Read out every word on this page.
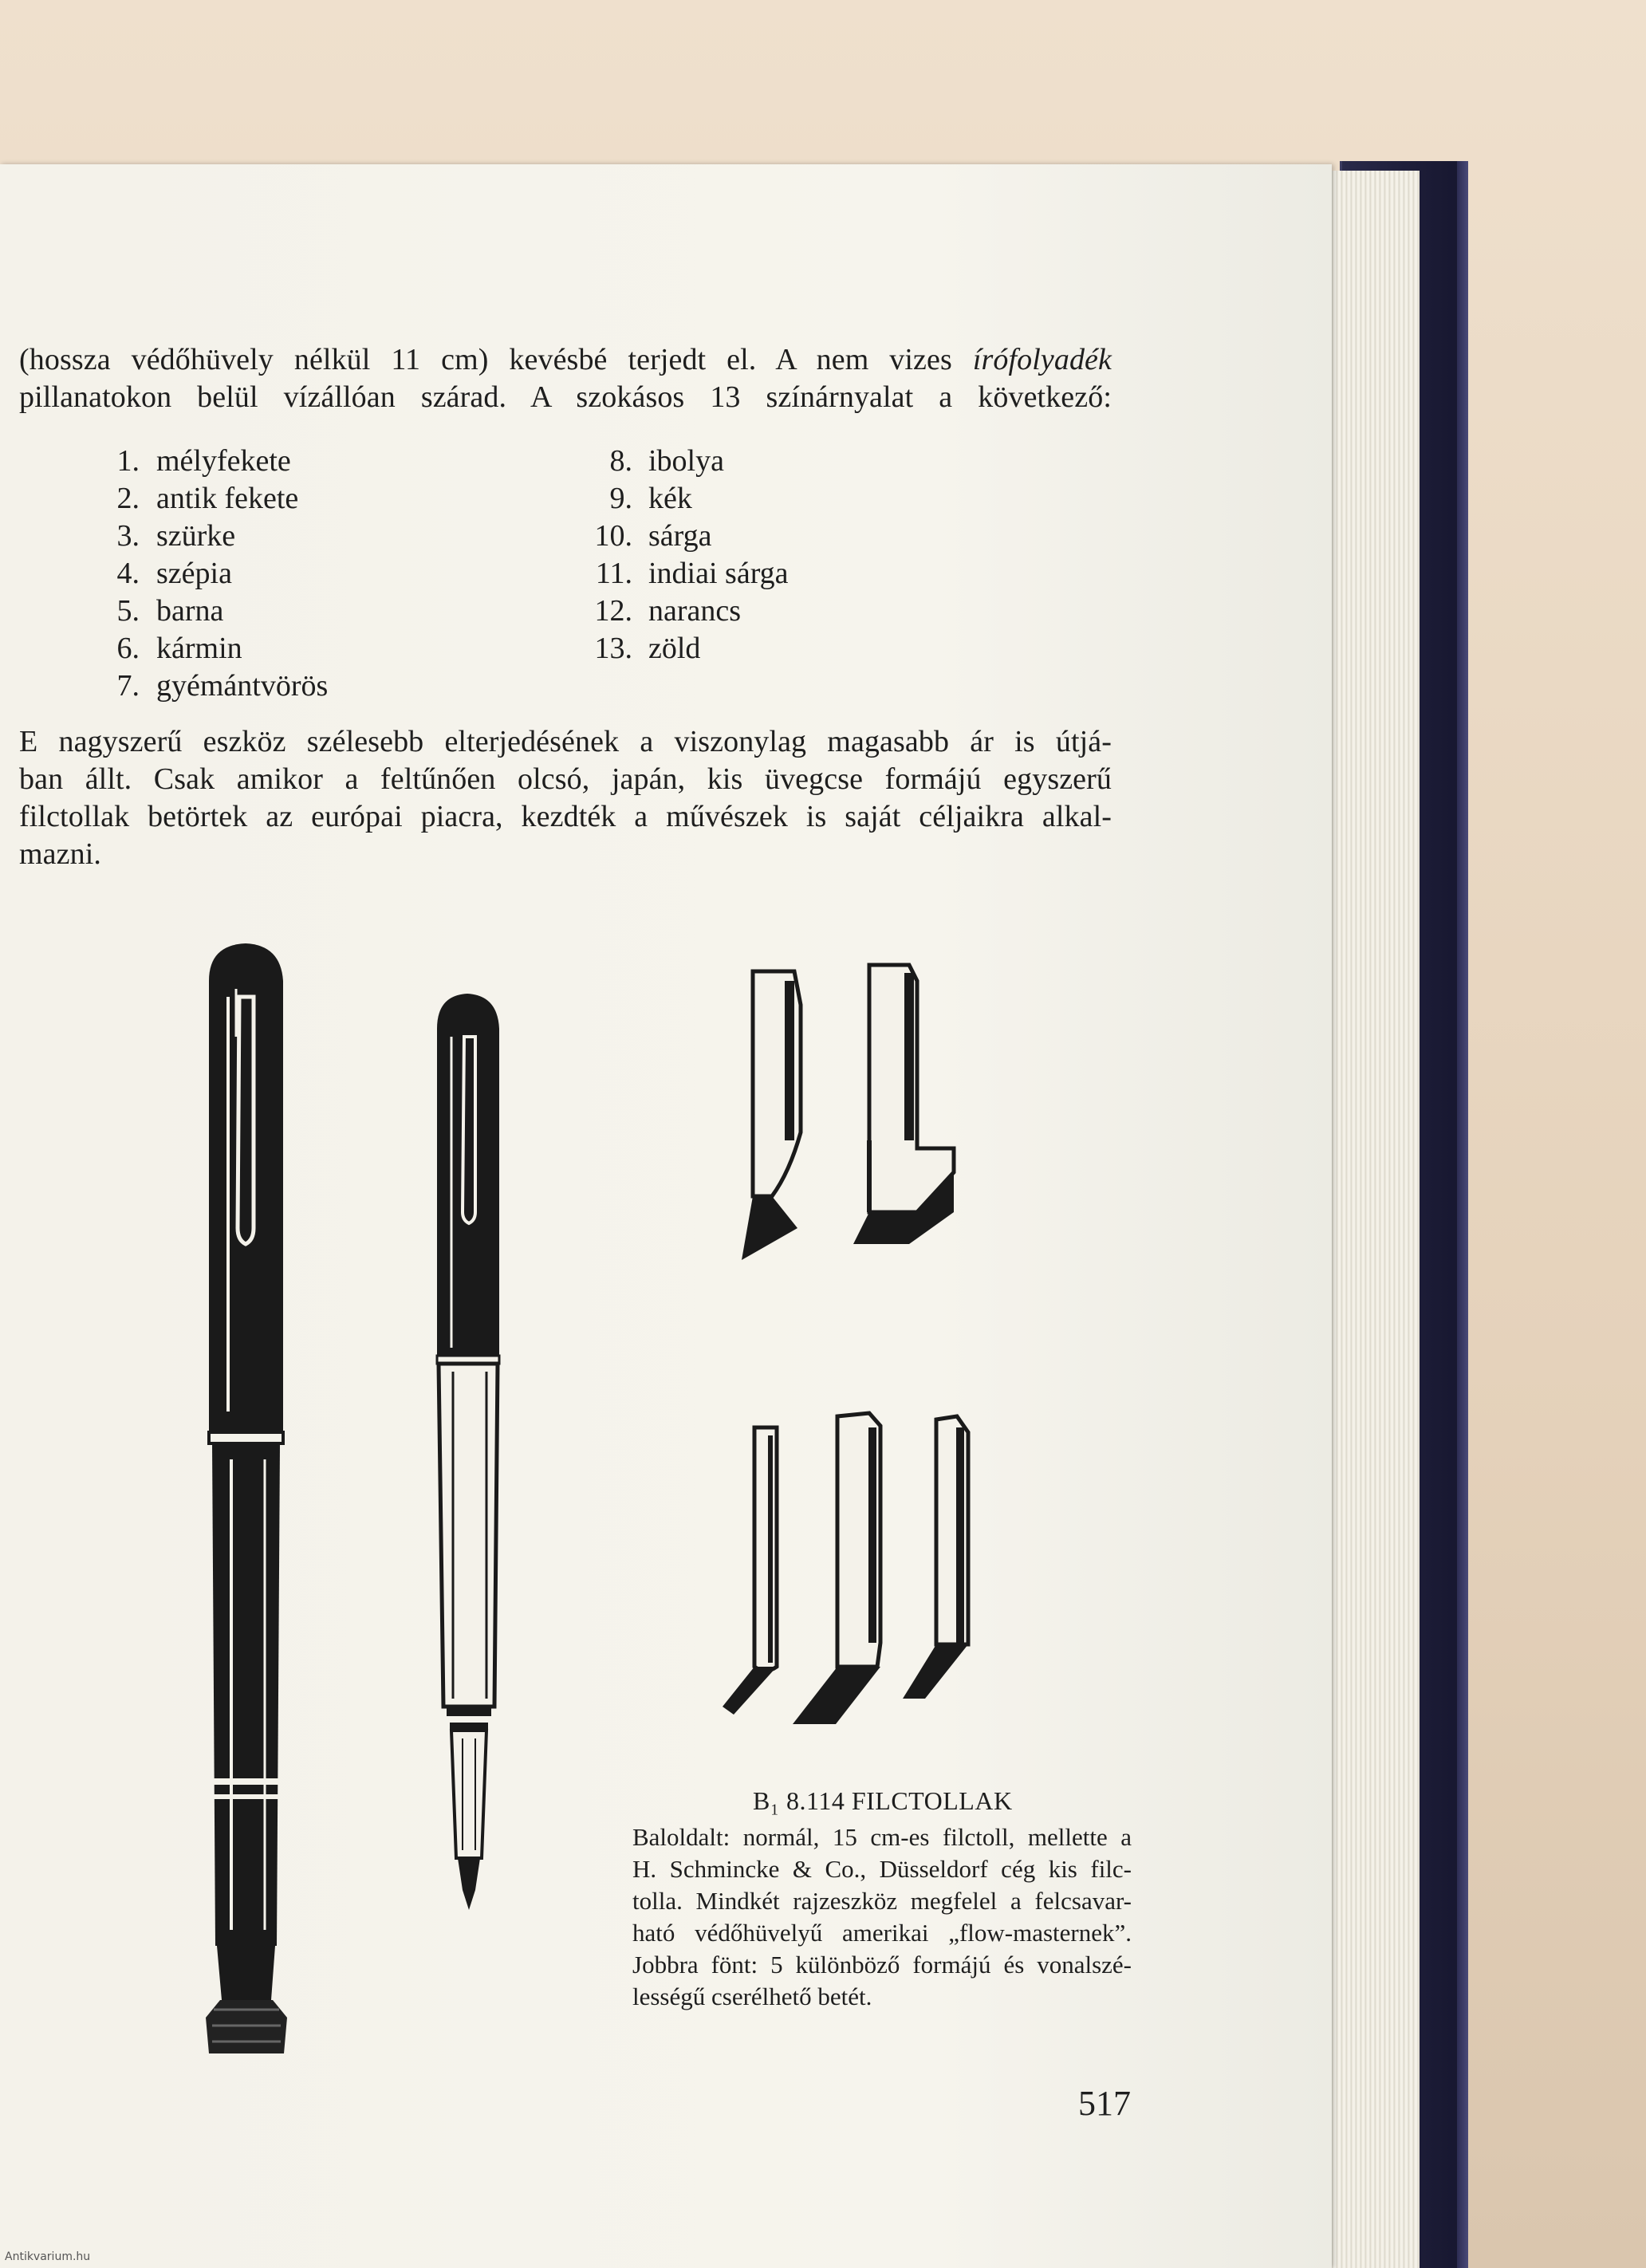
(hossza védőhüvely nélkül 11 cm) kevésbé terjedt el. A nem vizes írófolyadék
pillanatokon belül vízállóan szárad. A szokásos 13 színárnyalat a következő:
1. mélyfekete
2. antik fekete
3. szürke
4. szépia
5. barna
6. kármin
7. gyémántvörös
8. ibolya
9. kék
10. sárga
11. indiai sárga
12. narancs
13. zöld
E nagyszerű eszköz szélesebb elterjedésének a viszonylag magasabb ár is útjá-
ban állt. Csak amikor a feltűnően olcsó, japán, kis üvegcse formájú egyszerű
filctollak betörtek az európai piacra, kezdték a művészek is saját céljaikra alkal-
mazni.
B₁ 8.114 FILCTOLLAK
Baloldalt: normál, 15 cm-es filctoll, mellette a
H. Schmincke & Co., Düsseldorf cég kis filc-
tolla. Mindkét rajzeszköz megfelel a felcsavar-
ható védőhüvelyű amerikai „flow-masternek”.
Jobbra fönt: 5 különböző formájú és vonalszé-
lességű cserélhető betét.
517
Antikvarium.hu
